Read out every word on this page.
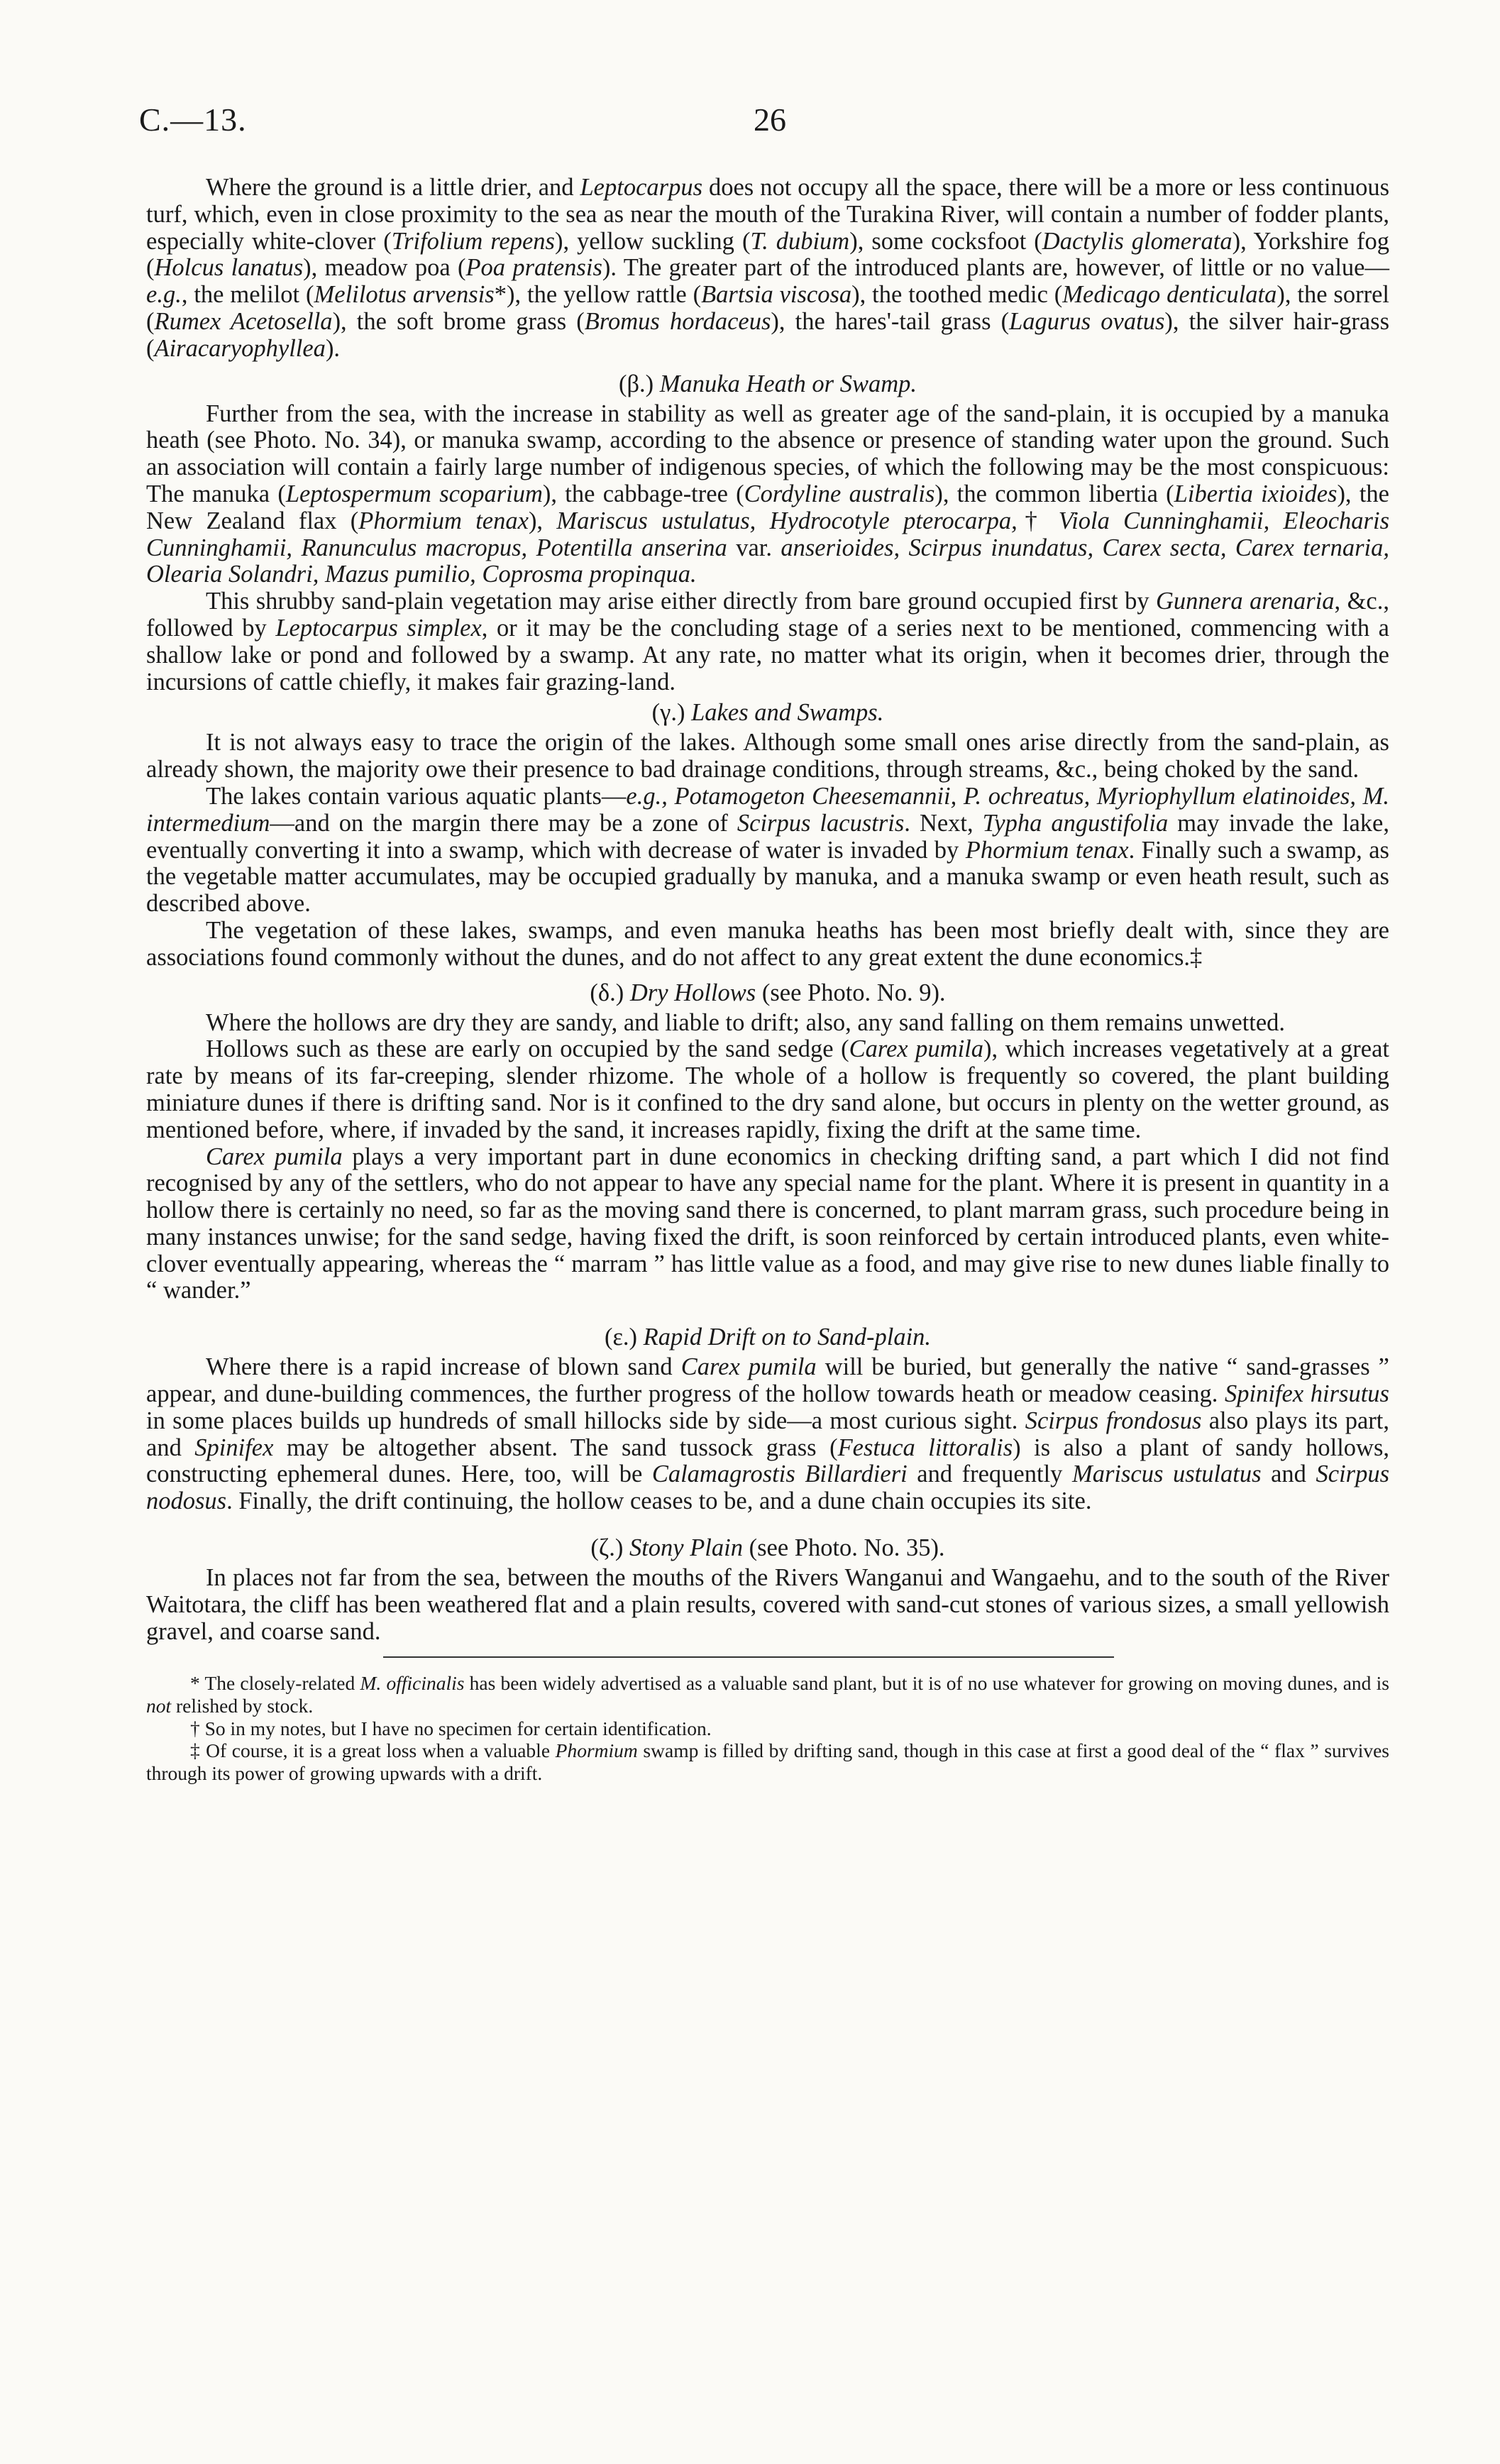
C.—13.	26

Where the ground is a little drier, and Leptocarpus does not occupy all the space, there will be a more or less continuous turf, which, even in close proximity to the sea as near the mouth of the Turakina River, will contain a number of fodder plants, especially white-clover (Trifolium repens), yellow suckling (T. dubium), some cocksfoot (Dactylis glomerata), Yorkshire fog (Holcus lanatus), meadow poa (Poa pratensis). The greater part of the introduced plants are, however, of little or no value—e.g., the melilot (Melilotus arvensis*), the yellow rattle (Bartsia viscosa), the toothed medic (Medicago denticulata), the sorrel (Rumex Acetosella), the soft brome grass (Bromus hordaceus), the hares'-tail grass (Lagurus ovatus), the silver hair-grass (Airacaryophyllea).

(β.) Manuka Heath or Swamp.

Further from the sea, with the increase in stability as well as greater age of the sand-plain, it is occupied by a manuka heath (see Photo. No. 34), or manuka swamp, according to the absence or presence of standing water upon the ground. Such an association will contain a fairly large number of indigenous species, of which the following may be the most conspicuous: The manuka (Leptospermum scoparium), the cabbage-tree (Cordyline australis), the common libertia (Libertia ixioides), the New Zealand flax (Phormium tenax), Mariscus ustulatus, Hydrocotyle pterocarpa,† Viola Cunninghamii, Eleocharis Cunninghamii, Ranunculus macropus, Potentilla anserina var. anserioides, Scirpus inundatus, Carex secta, Carex ternaria, Olearia Solandri, Mazus pumilio, Coprosma propinqua.

This shrubby sand-plain vegetation may arise either directly from bare ground occupied first by Gunnera arenaria, &c., followed by Leptocarpus simplex, or it may be the concluding stage of a series next to be mentioned, commencing with a shallow lake or pond and followed by a swamp. At any rate, no matter what its origin, when it becomes drier, through the incursions of cattle chiefly, it makes fair grazing-land.

(γ.) Lakes and Swamps.

It is not always easy to trace the origin of the lakes. Although some small ones arise directly from the sand-plain, as already shown, the majority owe their presence to bad drainage conditions, through streams, &c., being choked by the sand.

The lakes contain various aquatic plants—e.g., Potamogeton Cheesemannii, P. ochreatus, Myriophyllum elatinoides, M. intermedium—and on the margin there may be a zone of Scirpus lacustris. Next, Typha angustifolia may invade the lake, eventually converting it into a swamp, which with decrease of water is invaded by Phormium tenax. Finally such a swamp, as the vegetable matter accumulates, may be occupied gradually by manuka, and a manuka swamp or even heath result, such as described above.

The vegetation of these lakes, swamps, and even manuka heaths has been most briefly dealt with, since they are associations found commonly without the dunes, and do not affect to any great extent the dune economics.‡

(δ.) Dry Hollows (see Photo. No. 9).

Where the hollows are dry they are sandy, and liable to drift; also, any sand falling on them remains unwetted.

Hollows such as these are early on occupied by the sand sedge (Carex pumila), which increases vegetatively at a great rate by means of its far-creeping, slender rhizome. The whole of a hollow is frequently so covered, the plant building miniature dunes if there is drifting sand. Nor is it confined to the dry sand alone, but occurs in plenty on the wetter ground, as mentioned before, where, if invaded by the sand, it increases rapidly, fixing the drift at the same time.

Carex pumila plays a very important part in dune economics in checking drifting sand, a part which I did not find recognised by any of the settlers, who do not appear to have any special name for the plant. Where it is present in quantity in a hollow there is certainly no need, so far as the moving sand there is concerned, to plant marram grass, such procedure being in many instances unwise; for the sand sedge, having fixed the drift, is soon reinforced by certain introduced plants, even white-clover eventually appearing, whereas the “ marram ” has little value as a food, and may give rise to new dunes liable finally to “ wander.”

(ε.) Rapid Drift on to Sand-plain.

Where there is a rapid increase of blown sand Carex pumila will be buried, but generally the native “ sand-grasses ” appear, and dune-building commences, the further progress of the hollow towards heath or meadow ceasing. Spinifex hirsutus in some places builds up hundreds of small hillocks side by side—a most curious sight. Scirpus frondosus also plays its part, and Spinifex may be altogether absent. The sand tussock grass (Festuca littoralis) is also a plant of sandy hollows, constructing ephemeral dunes. Here, too, will be Calamagrostis Billardieri and frequently Mariscus ustulatus and Scirpus nodosus. Finally, the drift continuing, the hollow ceases to be, and a dune chain occupies its site.

(ζ.) Stony Plain (see Photo. No. 35).

In places not far from the sea, between the mouths of the Rivers Wanganui and Wangaehu, and to the south of the River Waitotara, the cliff has been weathered flat and a plain results, covered with sand-cut stones of various sizes, a small yellowish gravel, and coarse sand.

* The closely-related M. officinalis has been widely advertised as a valuable sand plant, but it is of no use whatever for growing on moving dunes, and is not relished by stock.

† So in my notes, but I have no specimen for certain identification.

‡ Of course, it is a great loss when a valuable Phormium swamp is filled by drifting sand, though in this case at first a good deal of the “ flax ” survives through its power of growing upwards with a drift.
